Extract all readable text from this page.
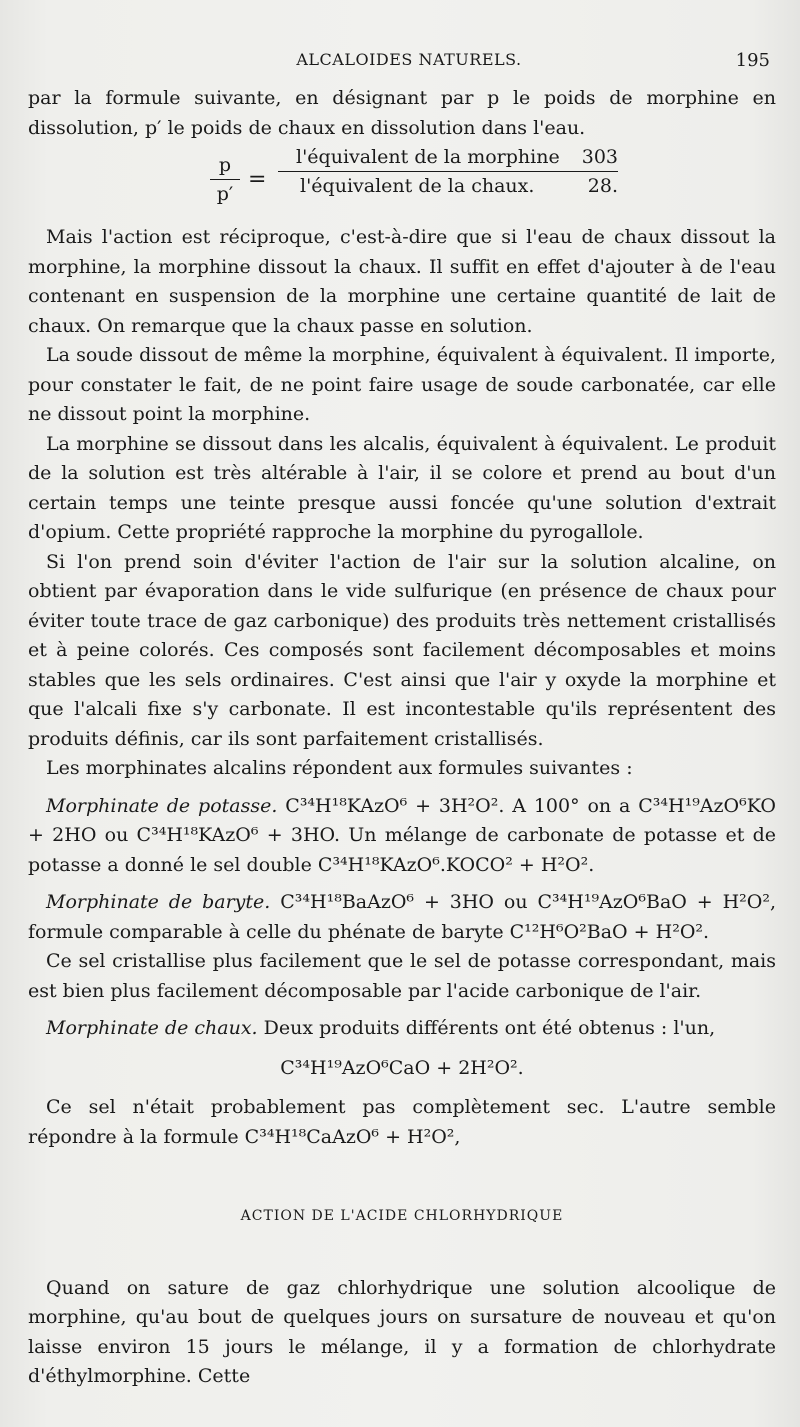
ALCALOIDES NATURELS.	195

par la formule suivante, en désignant par p le poids de morphine en dissolution, p′ le poids de chaux en dissolution dans l'eau.

$\frac{p}{p'}$ =
l'équivalent de la morphine 303
l'équivalent de la chaux.	28.

Mais l'action est réciproque, c'est-à-dire que si l'eau de chaux dissout la morphine, la morphine dissout la chaux. Il suffit en effet d'ajouter à de l'eau contenant en suspension de la morphine une certaine quantité de lait de chaux. On remarque que la chaux passe en solution.

La soude dissout de même la morphine, équivalent à équivalent. Il importe, pour constater le fait, de ne point faire usage de soude carbonatée, car elle ne dissout point la morphine.

La morphine se dissout dans les alcalis, équivalent à équivalent. Le produit de la solution est très altérable à l'air, il se colore et prend au bout d'un certain temps une teinte presque aussi foncée qu'une solution d'extrait d'opium. Cette propriété rapproche la morphine du pyrogallole.

Si l'on prend soin d'éviter l'action de l'air sur la solution alcaline, on obtient par évaporation dans le vide sulfurique (en présence de chaux pour éviter toute trace de gaz carbonique) des produits très nettement cristallisés et à peine colorés. Ces composés sont facilement décomposables et moins stables que les sels ordinaires. C'est ainsi que l'air y oxyde la morphine et que l'alcali fixe s'y carbonate. Il est incontestable qu'ils représentent des produits définis, car ils sont parfaitement cristallisés.

Les morphinates alcalins répondent aux formules suivantes :

Morphinate de potasse. C³⁴H¹⁸KAzO⁶ + 3H²O². A 100° on a C³⁴H¹⁹AzO⁶KO + 2HO ou C³⁴H¹⁸KAzO⁶ + 3HO. Un mélange de carbonate de potasse et de potasse a donné le sel double C³⁴H¹⁸KAzO⁶.KOCO² + H²O².

Morphinate de baryte. C³⁴H¹⁸BaAzO⁶ + 3HO ou C³⁴H¹⁹AzO⁶BaO + H²O², formule comparable à celle du phénate de baryte C¹²H⁶O²BaO + H²O².

Ce sel cristallise plus facilement que le sel de potasse correspondant, mais est bien plus facilement décomposable par l'acide carbonique de l'air.

Morphinate de chaux. Deux produits différents ont été obtenus : l'un,

C³⁴H¹⁹AzO⁶CaO + 2H²O².

Ce sel n'était probablement pas complètement sec. L'autre semble répondre à la formule C³⁴H¹⁸CaAzO⁶ + H²O²,

ACTION DE L'ACIDE CHLORHYDRIQUE

Quand on sature de gaz chlorhydrique une solution alcoolique de morphine, qu'au bout de quelques jours on sursature de nouveau et qu'on laisse environ 15 jours le mélange, il y a formation de chlorhydrate d'éthylmorphine. Cette
